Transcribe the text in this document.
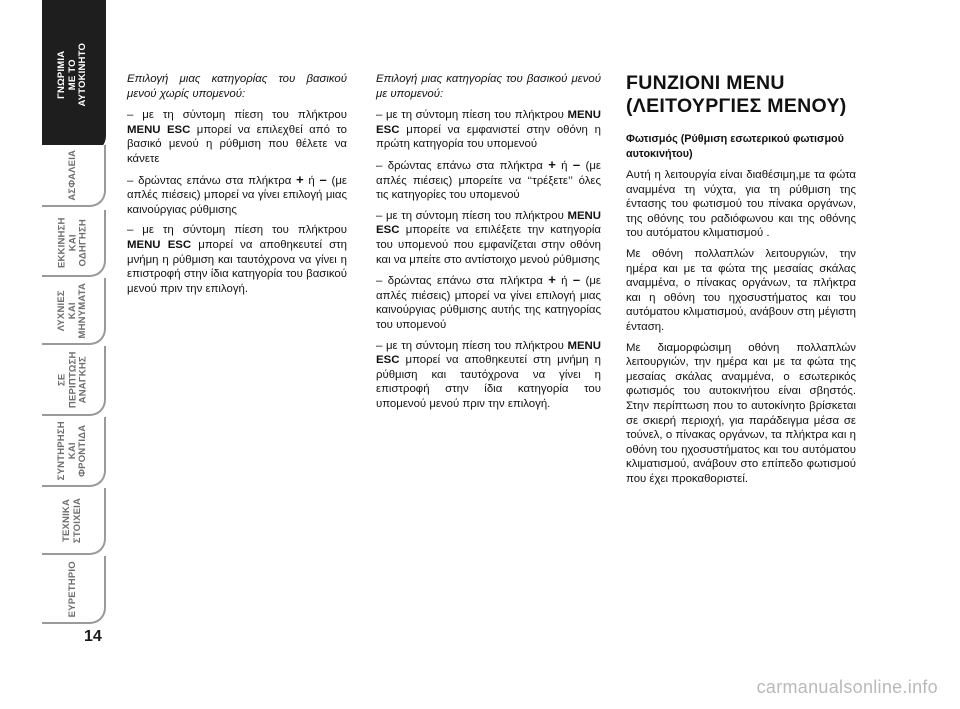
ΓΝΩΡΙΜΙΑ
ΜΕ ΤΟ
ΑΥΤΟΚΙΝΗΤΟ
ΑΣΦΑΛΕΙΑ
ΕΚΚΙΝΗΣΗ
ΚΑΙ
ΟΔΗΓΗΣΗ
ΛΥΧΝΙΕΣ
ΚΑΙ
ΜΗΝΥΜΑΤΑ
ΣΕ
ΠΕΡΙΠΤΩΣΗ
ΑΝΑΓΚΗΣ
ΣΥΝΤΗΡΗΣΗ
ΚΑΙ
ΦΡΟΝΤΙΔΑ
ΤΕΧΝΙΚΑ
ΣΤΟΙΧΕΙΑ
ΕΥΡΕΤΗΡΙΟ
14

Επιλογή μιας κατηγορίας του βασικού μενού χωρίς υπομενού:

– με τη σύντομη πίεση του πλήκτρου MENU ESC μπορεί να επιλεχθεί από το βασικό μενού η ρύθμιση που θέλετε να κάνετε

– δρώντας επάνω στα πλήκτρα + ή – (με απλές πιέσεις) μπορεί να γίνει επιλογή μιας καινούργιας ρύθμισης

– με τη σύντομη πίεση του πλήκτρου MENU ESC μπορεί να αποθηκευτεί στη μνήμη η ρύθμιση και ταυτόχρονα να γίνει η επιστροφή στην ίδια κατηγορία του βασικού μενού πριν την επιλογή.

Επιλογή μιας κατηγορίας του βασικού μενού με υπομενού:

– με τη σύντομη πίεση του πλήκτρου MENU ESC μπορεί να εμφανιστεί στην οθόνη η πρώτη κατηγορία του υπομενού

– δρώντας επάνω στα πλήκτρα + ή – (με απλές πιέσεις) μπορείτε να ‘‘τρέξετε’’ όλες τις κατηγορίες του υπομενού

– με τη σύντομη πίεση του πλήκτρου MENU ESC μπορείτε να επιλέξετε την κατηγορία του υπομενού που εμφανίζεται στην οθόνη και να μπείτε στο αντίστοιχο μενού ρύθμισης

– δρώντας επάνω στα πλήκτρα + ή – (με απλές πιέσεις) μπορεί να γίνει επιλογή μιας καινούργιας ρύθμισης αυτής της κατηγορίας του υπομενού

– με τη σύντομη πίεση του πλήκτρου MENU ESC μπορεί να αποθηκευτεί στη μνήμη η ρύθμιση και ταυτόχρονα να γίνει η επιστροφή στην ίδια κατηγορία του υπομενού μενού πριν την επιλογή.

FUNZIONI MENU
(ΛΕΙΤΟΥΡΓΙΕΣ ΜΕΝΟΥ)

Φωτισμός (Ρύθμιση εσωτερικού φωτισμού αυτοκινήτου)

Αυτή η λειτουργία είναι διαθέσιμη,με τα φώτα αναμμένα τη νύχτα, για τη ρύθμιση της έντασης του φωτισμού του πίνακα οργάνων, της οθόνης του ραδιόφωνου και της οθόνης του αυτόματου κλιματισμού .

Με οθόνη πολλαπλών λειτουργιών, την ημέρα και με τα φώτα της μεσαίας σκάλας αναμμένα, ο πίνακας οργάνων, τα πλήκτρα και η οθόνη του ηχοσυστήματος και του αυτόματου κλιματισμού, ανάβουν στη μέγιστη ένταση.

Με διαμορφώσιμη οθόνη πολλαπλών λειτουργιών, την ημέρα και με τα φώτα της μεσαίας σκάλας αναμμένα, ο εσωτερικός φωτισμός του αυτοκινήτου είναι σβηστός. Στην περίπτωση που το αυτοκίνητο βρίσκεται σε σκιερή περιοχή, για παράδειγμα μέσα σε τούνελ, ο πίνακας οργάνων, τα πλήκτρα και η οθόνη του ηχοσυστήματος και του αυτόματου κλιματισμού, ανάβουν στο επίπεδο φωτισμού που έχει προκαθοριστεί.

carmanualsonline.info
